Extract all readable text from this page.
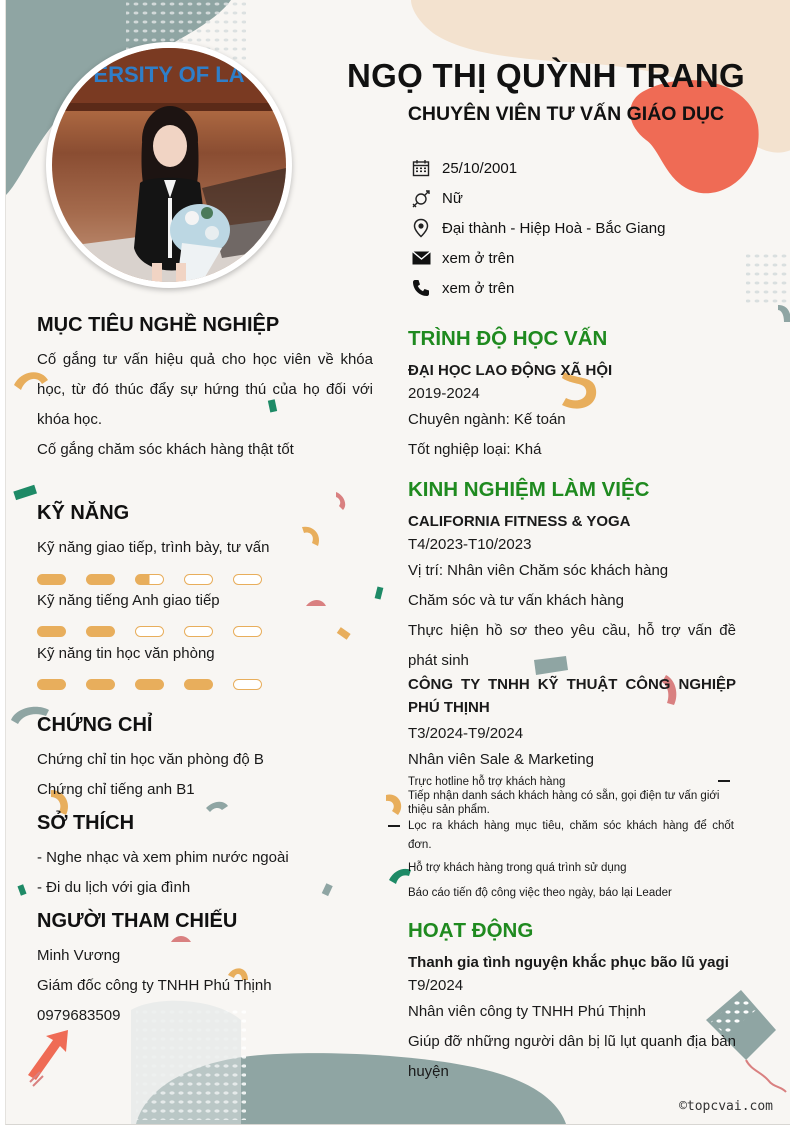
ERSITY OF LA	NGỌ THỊ QUỲNH TRANG
CHUYÊN VIÊN TƯ VẤN GIÁO DỤC
25/10/2001
Nữ
Đại thành - Hiệp Hoà - Bắc Giang
xem ở trên
xem ở trên
MỤC TIÊU NGHỀ NGHIỆP
Cố gắng tư vấn hiệu quả cho học viên về khóa học, từ đó thúc đẩy sự hứng thú của họ đối với khóa học.
Cố gắng chăm sóc khách hàng thật tốt
KỸ NĂNG
Kỹ năng giao tiếp, trình bày, tư vấn
Kỹ năng tiếng Anh giao tiếp
Kỹ năng tin học văn phòng
CHỨNG CHỈ
Chứng chỉ tin học văn phòng độ B
Chứng chỉ tiếng anh B1
SỞ THÍCH
- Nghe nhạc và xem phim nước ngoài
- Đi du lịch với gia đình
NGƯỜI THAM CHIẾU
Minh Vương
Giám đốc công ty TNHH Phú Thịnh
0979683509
TRÌNH ĐỘ HỌC VẤN
ĐẠI HỌC LAO ĐỘNG XÃ HỘI
2019-2024
Chuyên ngành: Kế toán
Tốt nghiệp loại: Khá
KINH NGHIỆM LÀM VIỆC
CALIFORNIA FITNESS & YOGA
T4/2023-T10/2023
Vị trí: Nhân viên Chăm sóc khách hàng
Chăm sóc và tư vấn khách hàng
Thực hiện hồ sơ theo yêu cầu, hỗ trợ vấn đề phát sinh
CÔNG TY TNHH KỸ THUẬT CÔNG NGHIỆP PHÚ THỊNH
T3/2024-T9/2024
Nhân viên Sale & Marketing
Trực hotline hỗ trợ khách hàng
Tiếp nhận danh sách khách hàng có sẵn, gọi điện tư vấn giới thiệu sản phẩm.
Lọc ra khách hàng mục tiêu, chăm sóc khách hàng để chốt đơn.
Hỗ trợ khách hàng trong quá trình sử dụng
Báo cáo tiến độ công việc theo ngày, báo lại Leader
HOẠT ĐỘNG
Thanh gia tình nguyện khắc phục bão lũ yagi
T9/2024
Nhân viên công ty TNHH Phú Thịnh
Giúp đỡ những người dân bị lũ lụt quanh địa bàn huyện
©topcvai.com
